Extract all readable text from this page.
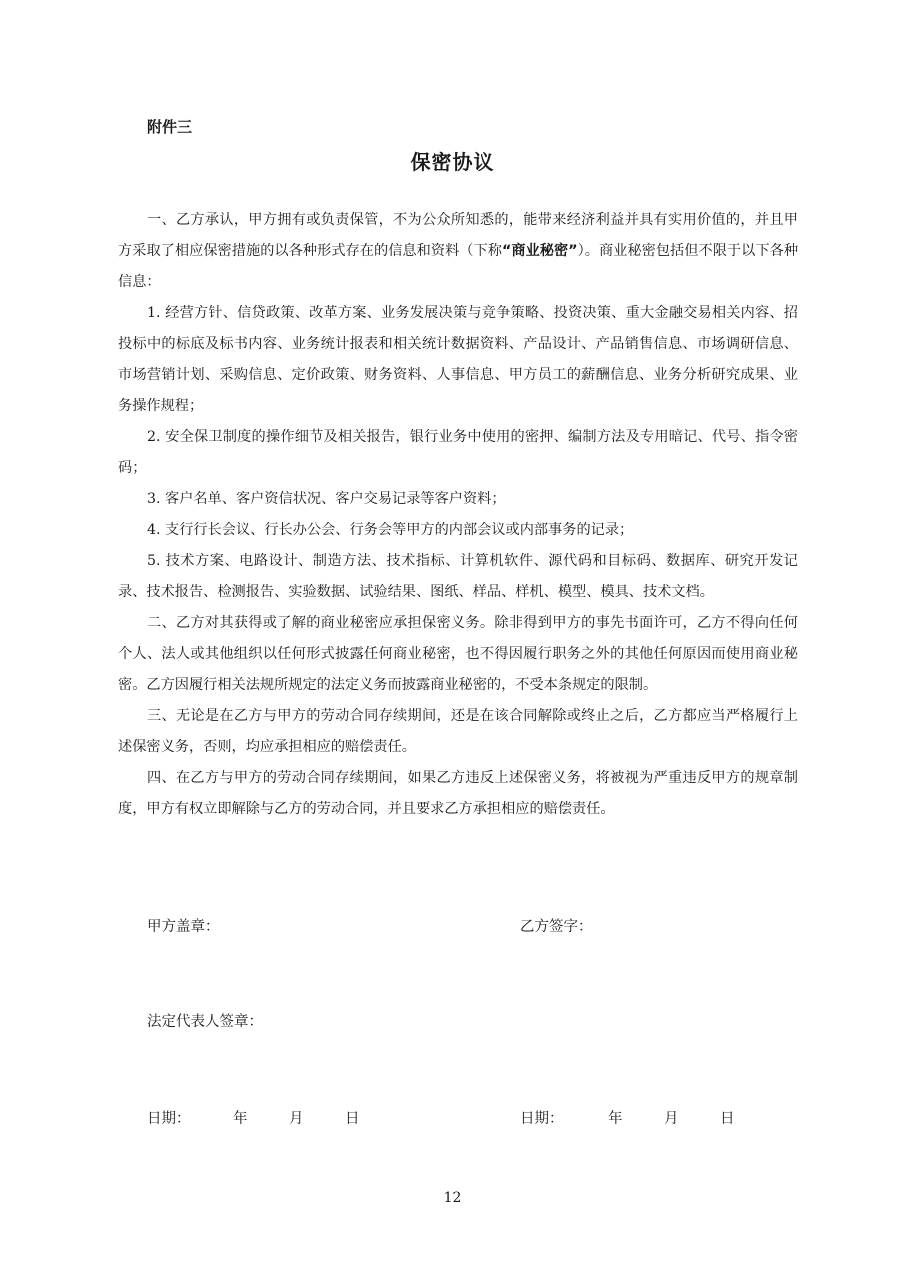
附件三
保密协议

一、乙方承认，甲方拥有或负责保管，不为公众所知悉的，能带来经济利益并具有实用价值的，并且甲方采取了相应保密措施的以各种形式存在的信息和资料（下称“商业秘密”）。商业秘密包括但不限于以下各种信息：

1. 经营方针、信贷政策、改革方案、业务发展决策与竞争策略、投资决策、重大金融交易相关内容、招投标中的标底及标书内容、业务统计报表和相关统计数据资料、产品设计、产品销售信息、市场调研信息、市场营销计划、采购信息、定价政策、财务资料、人事信息、甲方员工的薪酬信息、业务分析研究成果、业务操作规程；

2. 安全保卫制度的操作细节及相关报告，银行业务中使用的密押、编制方法及专用暗记、代号、指令密码；

3. 客户名单、客户资信状况、客户交易记录等客户资料；

4. 支行行长会议、行长办公会、行务会等甲方的内部会议或内部事务的记录；

5. 技术方案、电路设计、制造方法、技术指标、计算机软件、源代码和目标码、数据库、研究开发记录、技术报告、检测报告、实验数据、试验结果、图纸、样品、样机、模型、模具、技术文档。

二、乙方对其获得或了解的商业秘密应承担保密义务。除非得到甲方的事先书面许可，乙方不得向任何个人、法人或其他组织以任何形式披露任何商业秘密，也不得因履行职务之外的其他任何原因而使用商业秘密。乙方因履行相关法规所规定的法定义务而披露商业秘密的，不受本条规定的限制。

三、无论是在乙方与甲方的劳动合同存续期间，还是在该合同解除或终止之后，乙方都应当严格履行上述保密义务，否则，均应承担相应的赔偿责任。

四、在乙方与甲方的劳动合同存续期间，如果乙方违反上述保密义务，将被视为严重违反甲方的规章制度，甲方有权立即解除与乙方的劳动合同，并且要求乙方承担相应的赔偿责任。

甲方盖章：	乙方签字：
法定代表人签章：
日期：	年	月	日	日期：	年	月	日
12
